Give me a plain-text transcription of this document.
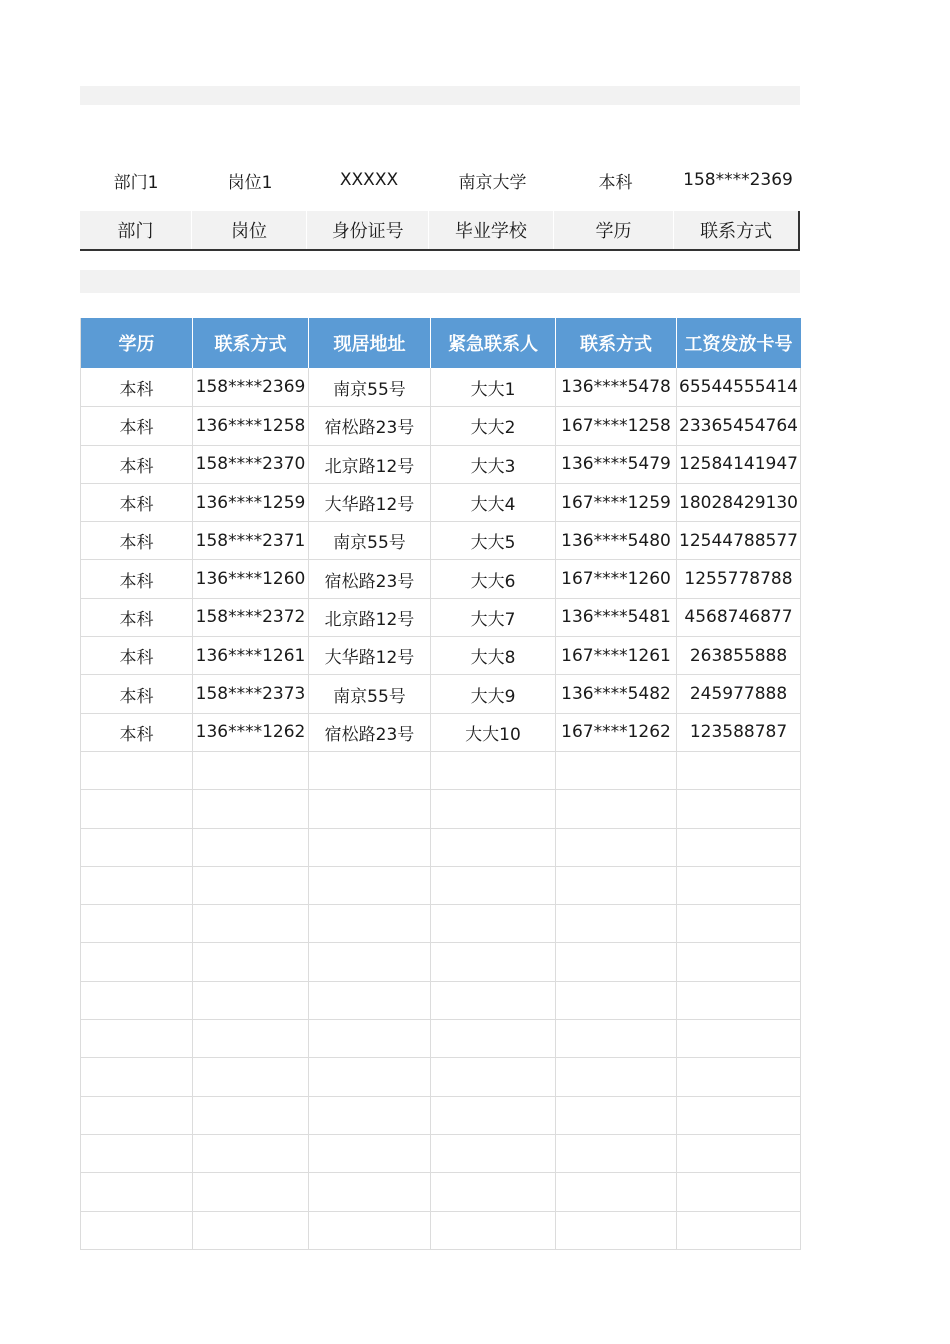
部门1	岗位1	XXXXX	南京大学	本科	158****2369
部门	岗位	身份证号	毕业学校	学历	联系方式
学历	联系方式	现居地址	紧急联系人	联系方式	工资发放卡号
本科	158****2369	南京55号	大大1	136****5478 65544555414
本科	136****1258	宿松路23号	大大2	167****1258 23365454764
本科	158****2370	北京路12号	大大3	136****5479 12584141947
本科	136****1259	大华路12号	大大4	167****1259 18028429130
本科	158****2371	南京55号	大大5	136****5480 12544788577
本科	136****1260	宿松路23号	大大6	167****1260 1255778788
本科	158****2372	北京路12号	大大7	136****5481 4568746877
本科	136****1261	大华路12号	大大8	167****1261	263855888
本科	158****2373	南京55号	大大9	136****5482	245977888
本科	136****1262	宿松路23号	大大10	167****1262	123588787
